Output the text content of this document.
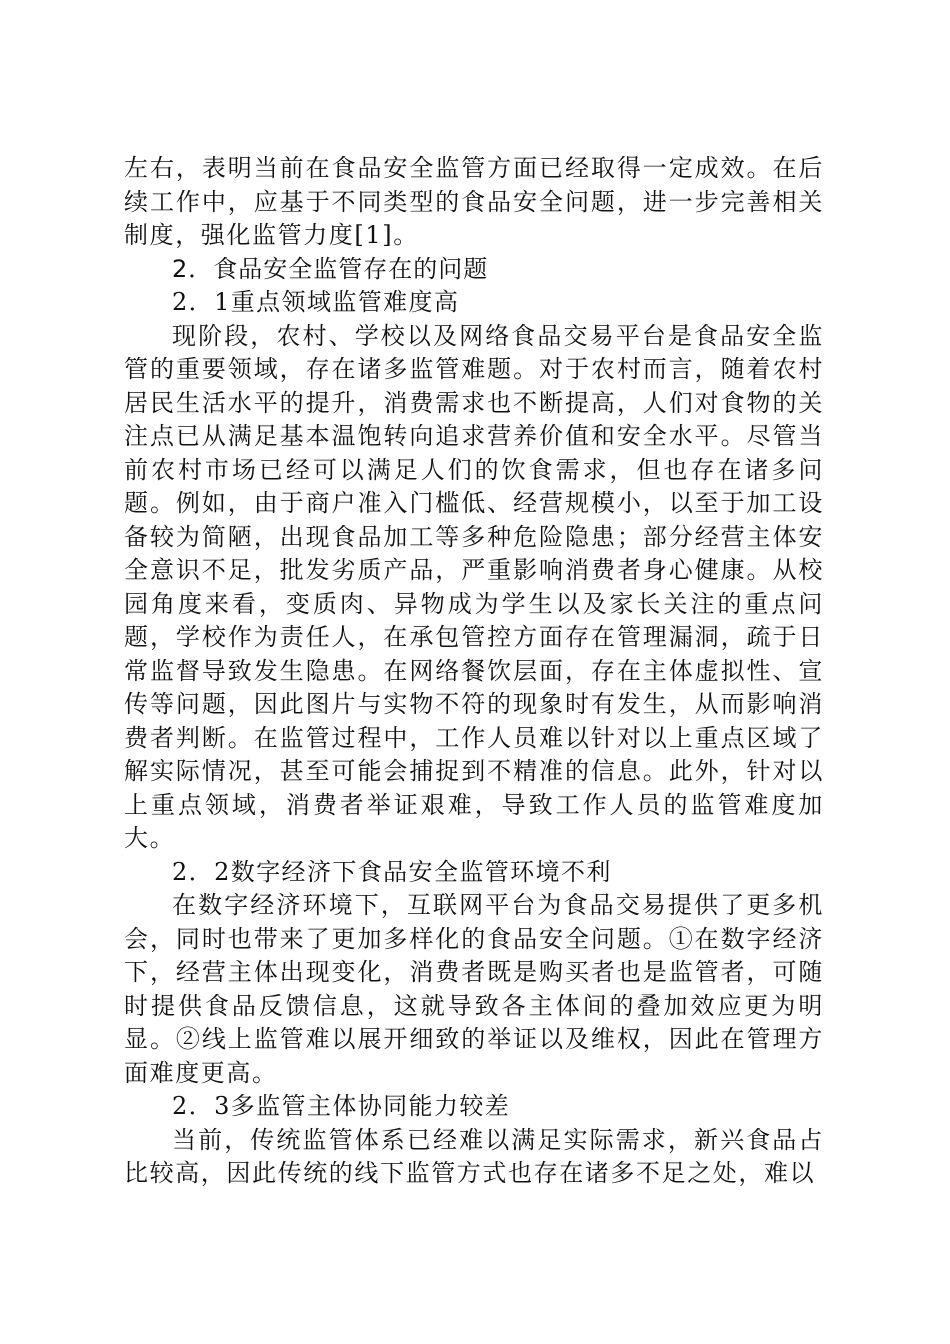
左右，表明当前在食品安全监管方面已经取得一定成效。在后续工作中，应基于不同类型的食品安全问题，进一步完善相关制度，强化监管力度[1]。

2．食品安全监管存在的问题

2．1重点领域监管难度高

现阶段，农村、学校以及网络食品交易平台是食品安全监管的重要领域，存在诸多监管难题。对于农村而言，随着农村居民生活水平的提升，消费需求也不断提高，人们对食物的关注点已从满足基本温饱转向追求营养价值和安全水平。尽管当前农村市场已经可以满足人们的饮食需求，但也存在诸多问题。例如，由于商户准入门槛低、经营规模小，以至于加工设备较为简陋，出现食品加工等多种危险隐患；部分经营主体安全意识不足，批发劣质产品，严重影响消费者身心健康。从校园角度来看，变质肉、异物成为学生以及家长关注的重点问题，学校作为责任人，在承包管控方面存在管理漏洞，疏于日常监督导致发生隐患。在网络餐饮层面，存在主体虚拟性、宣传等问题，因此图片与实物不符的现象时有发生，从而影响消费者判断。在监管过程中，工作人员难以针对以上重点区域了解实际情况，甚至可能会捕捉到不精准的信息。此外，针对以上重点领域，消费者举证艰难，导致工作人员的监管难度加大。

2．2数字经济下食品安全监管环境不利

在数字经济环境下，互联网平台为食品交易提供了更多机会，同时也带来了更加多样化的食品安全问题。①在数字经济下，经营主体出现变化，消费者既是购买者也是监管者，可随时提供食品反馈信息，这就导致各主体间的叠加效应更为明显。②线上监管难以展开细致的举证以及维权，因此在管理方面难度更高。

2．3多监管主体协同能力较差

当前，传统监管体系已经难以满足实际需求，新兴食品占比较高，因此传统的线下监管方式也存在诸多不足之处，难以
